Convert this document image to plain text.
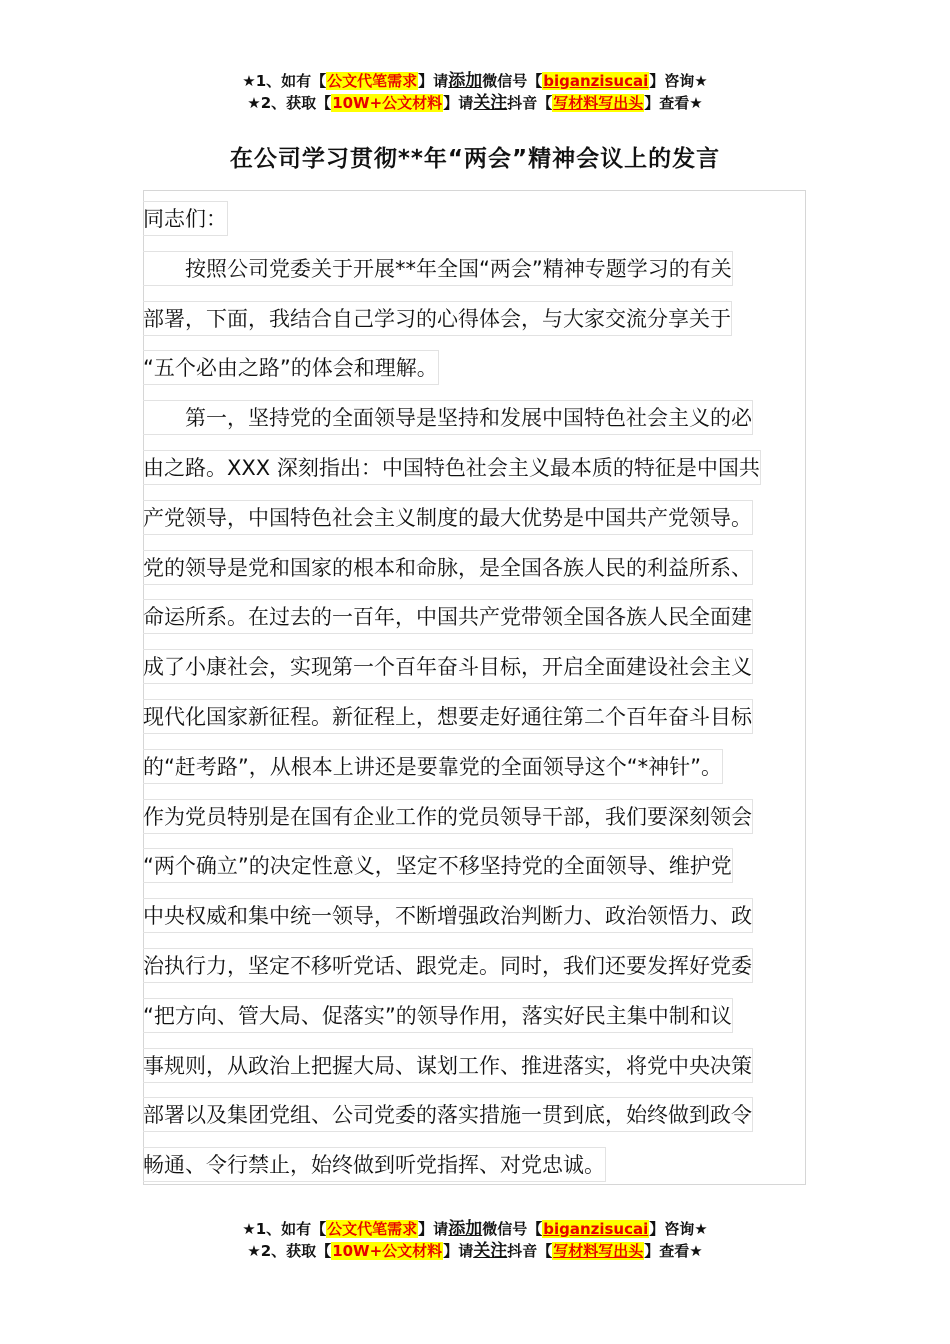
★1、如有【公文代笔需求】请添加微信号【biganzisucai】咨询★
★2、获取【10W+公文材料】请关注抖音【写材料写出头】查看★
在公司学习贯彻**年“两会”精神会议上的发言
同志们：
　　按照公司党委关于开展**年全国“两会”精神专题学习的有关
部署，下面，我结合自己学习的心得体会，与大家交流分享关于
“五个必由之路”的体会和理解。
　　第一，坚持党的全面领导是坚持和发展中国特色社会主义的必
由之路。XXX 深刻指出：中国特色社会主义最本质的特征是中国共
产党领导，中国特色社会主义制度的最大优势是中国共产党领导。
党的领导是党和国家的根本和命脉，是全国各族人民的利益所系、
命运所系。在过去的一百年，中国共产党带领全国各族人民全面建
成了小康社会，实现第一个百年奋斗目标，开启全面建设社会主义
现代化国家新征程。新征程上，想要走好通往第二个百年奋斗目标
的“赶考路”，从根本上讲还是要靠党的全面领导这个“*神针”。
作为党员特别是在国有企业工作的党员领导干部，我们要深刻领会
“两个确立”的决定性意义，坚定不移坚持党的全面领导、维护党
中央权威和集中统一领导，不断增强政治判断力、政治领悟力、政
治执行力，坚定不移听党话、跟党走。同时，我们还要发挥好党委
“把方向、管大局、促落实”的领导作用，落实好民主集中制和议
事规则，从政治上把握大局、谋划工作、推进落实，将党中央决策
部署以及集团党组、公司党委的落实措施一贯到底，始终做到政令
畅通、令行禁止，始终做到听党指挥、对党忠诚。
★1、如有【公文代笔需求】请添加微信号【biganzisucai】咨询★
★2、获取【10W+公文材料】请关注抖音【写材料写出头】查看★
